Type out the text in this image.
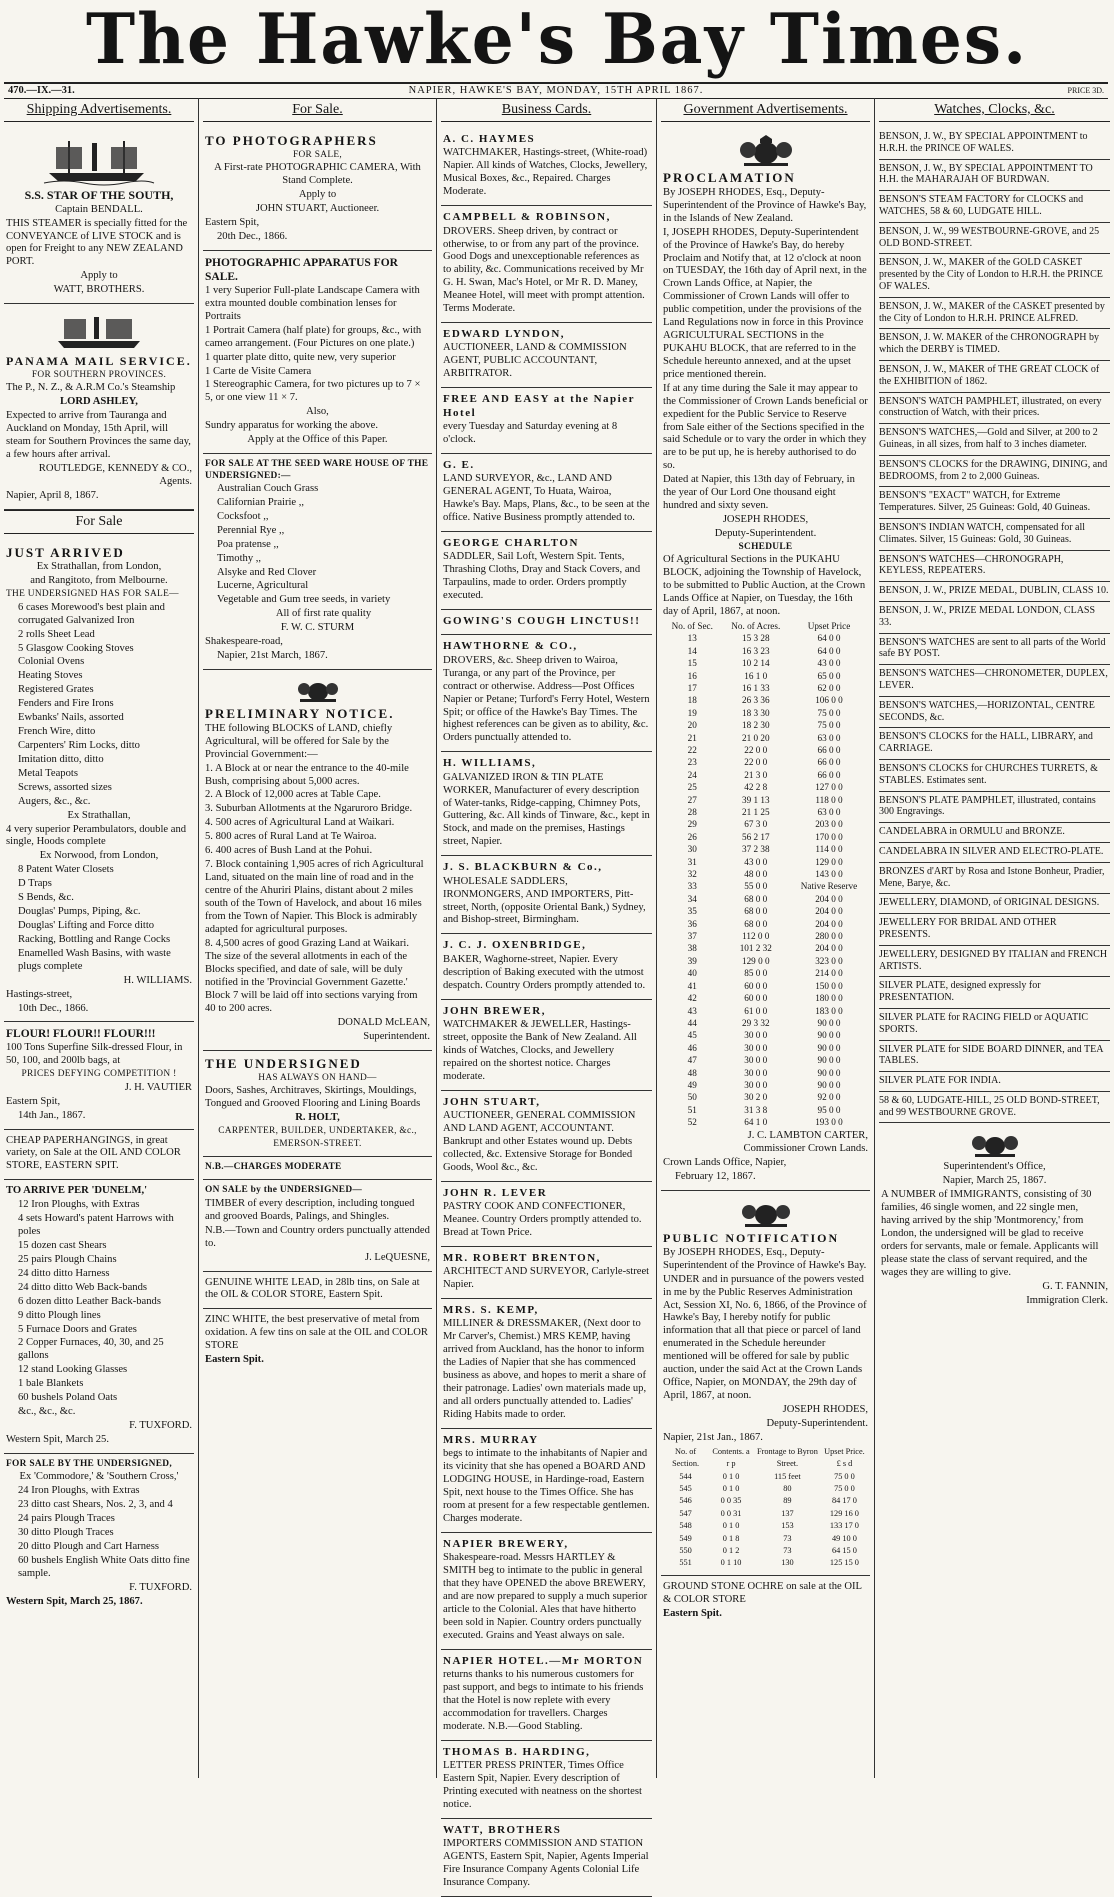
The Hawke's Bay Times.
470.—IX.—31.	NAPIER, HAWKE'S BAY, MONDAY, 15TH APRIL 1867.	PRICE 3D.
Shipping Advertisements.

S.S. STAR OF THE SOUTH,

Captain BENDALL.

THIS STEAMER is specially fitted for the CONVEYANCE of LIVE STOCK and is open for Freight to any NEW ZEALAND PORT.

Apply to

WATT, BROTHERS.

PANAMA MAIL SERVICE.

FOR SOUTHERN PROVINCES.

The P., N. Z., & A.R.M Co.'s Steamship

LORD ASHLEY,

Expected to arrive from Tauranga and Auckland on Monday, 15th April, will steam for Southern Provinces the same day, a few hours after arrival.

ROUTLEDGE, KENNEDY & CO., Agents.

Napier, April 8, 1867.

For Sale

JUST ARRIVED

Ex Strathallan, from London,

and Rangitoto, from Melbourne.

THE UNDERSIGNED HAS FOR SALE—

6 cases Morewood's best plain and corrugated Galvanized Iron

2 rolls Sheet Lead

5 Glasgow Cooking Stoves

Colonial Ovens

Heating Stoves

Registered Grates

Fenders and Fire Irons

Ewbanks' Nails, assorted

French Wire, ditto

Carpenters' Rim Locks, ditto

Imitation ditto, ditto

Metal Teapots

Screws, assorted sizes

Augers, &c., &c.

Ex Strathallan,

4 very superior Perambulators, double and single, Hoods complete

Ex Norwood, from London,

8 Patent Water Closets

D Traps

S Bends, &c.

Douglas' Pumps, Piping, &c.

Douglas' Lifting and Force ditto

Racking, Bottling and Range Cocks

Enamelled Wash Basins, with waste plugs complete

H. WILLIAMS.

Hastings-street,

10th Dec., 1866.

FLOUR! FLOUR!! FLOUR!!!

100 Tons Superfine Silk-dressed Flour, in 50, 100, and 200lb bags, at

PRICES DEFYING COMPETITION !

J. H. VAUTIER

Eastern Spit,

14th Jan., 1867.

CHEAP PAPERHANGINGS, in great variety, on Sale at the OIL AND COLOR STORE, EASTERN SPIT.

TO ARRIVE PER 'DUNELM,'

12 Iron Ploughs, with Extras

4 sets Howard's patent Harrows with poles

15 dozen cast Shears

25 pairs Plough Chains

24 ditto ditto Harness

24 ditto ditto Web Back-bands

6 dozen ditto Leather Back-bands

9 ditto Plough lines

5 Furnace Doors and Grates

2 Copper Furnaces, 40, 30, and 25 gallons

12 stand Looking Glasses

1 bale Blankets

60 bushels Poland Oats

&c., &c., &c.

F. TUXFORD.

Western Spit, March 25.

FOR SALE BY THE UNDERSIGNED,

Ex 'Commodore,' & 'Southern Cross,'

24 Iron Ploughs, with Extras

23 ditto cast Shears, Nos. 2, 3, and 4

24 pairs Plough Traces

30 ditto Plough Traces

20 ditto Plough and Cart Harness

60 bushels English White Oats ditto fine sample.

F. TUXFORD.

Western Spit, March 25, 1867.

For Sale.

TO PHOTOGRAPHERS

FOR SALE,

A First-rate PHOTOGRAPHIC CAMERA, With Stand Complete.

Apply to

JOHN STUART, Auctioneer.

Eastern Spit,

20th Dec., 1866.

PHOTOGRAPHIC APPARATUS FOR SALE.

1 very Superior Full-plate Landscape Camera with extra mounted double combination lenses for Portraits

1 Portrait Camera (half plate) for groups, &c., with cameo arrangement. (Four Pictures on one plate.)

1 quarter plate ditto, quite new, very superior

1 Carte de Visite Camera

1 Stereographic Camera, for two pictures up to 7 × 5, or one view 11 × 7.

Also,

Sundry apparatus for working the above.

Apply at the Office of this Paper.

FOR SALE AT THE SEED WARE HOUSE OF THE UNDERSIGNED:—

Australian Couch Grass

Californian Prairie ,,

Cocksfoot ,,

Perennial Rye ,,

Poa pratense ,,

Timothy ,,

Alsyke and Red Clover

Lucerne, Agricultural

Vegetable and Gum tree seeds, in variety

All of first rate quality

F. W. C. STURM

Shakespeare-road,

Napier, 21st March, 1867.

PRELIMINARY NOTICE.

THE following BLOCKS of LAND, chiefly Agricultural, will be offered for Sale by the Provincial Government:—

1. A Block at or near the entrance to the 40-mile Bush, comprising about 5,000 acres.

2. A Block of 12,000 acres at Table Cape.

3. Suburban Allotments at the Ngaruroro Bridge.

4. 500 acres of Agricultural Land at Waikari.

5. 800 acres of Rural Land at Te Wairoa.

6. 400 acres of Bush Land at the Pohui.

7. Block containing 1,905 acres of rich Agricultural Land, situated on the main line of road and in the centre of the Ahuriri Plains, distant about 2 miles south of the Town of Havelock, and about 16 miles from the Town of Napier. This Block is admirably adapted for agricultural purposes.

8. 4,500 acres of good Grazing Land at Waikari.

The size of the several allotments in each of the Blocks specified, and date of sale, will be duly notified in the 'Provincial Government Gazette.' Block 7 will be laid off into sections varying from 40 to 200 acres.

DONALD McLEAN,

Superintendent.

THE UNDERSIGNED

HAS ALWAYS ON HAND—

Doors, Sashes, Architraves, Skirtings, Mouldings, Tongued and Grooved Flooring and Lining Boards

R. HOLT,

CARPENTER, BUILDER, UNDERTAKER, &c.,

EMERSON-STREET.

N.B.—CHARGES MODERATE

ON SALE by the UNDERSIGNED—

TIMBER of every description, including tongued and grooved Boards, Palings, and Shingles.

N.B.—Town and Country orders punctually attended to.

J. LeQUESNE,

GENUINE WHITE LEAD, in 28lb tins, on Sale at the OIL & COLOR STORE, Eastern Spit.

ZINC WHITE, the best preservative of metal from oxidation. A few tins on sale at the OIL and COLOR STORE

Eastern Spit.

Business Cards.

A. C. HAYMES

WATCHMAKER, Hastings-street, (White-road) Napier. All kinds of Watches, Clocks, Jewellery, Musical Boxes, &c., Repaired. Charges Moderate.

CAMPBELL & ROBINSON,

DROVERS. Sheep driven, by contract or otherwise, to or from any part of the province. Good Dogs and unexceptionable references as to ability, &c. Communications received by Mr G. H. Swan, Mac's Hotel, or Mr R. D. Maney, Meanee Hotel, will meet with prompt attention. Terms Moderate.

EDWARD LYNDON,

AUCTIONEER, LAND & COMMISSION AGENT, PUBLIC ACCOUNTANT, ARBITRATOR.

FREE AND EASY at the Napier Hotel

every Tuesday and Saturday evening at 8 o'clock.

G. E.

LAND SURVEYOR, &c., LAND AND GENERAL AGENT, To Huata, Wairoa, Hawke's Bay. Maps, Plans, &c., to be seen at the office. Native Business promptly attended to.

GEORGE CHARLTON

SADDLER, Sail Loft, Western Spit. Tents, Thrashing Cloths, Dray and Stack Covers, and Tarpaulins, made to order. Orders promptly executed.

GOWING'S COUGH LINCTUS!!

HAWTHORNE & CO.,

DROVERS, &c. Sheep driven to Wairoa, Turanga, or any part of the Province, per contract or otherwise. Address—Post Offices Napier or Petane; Turford's Ferry Hotel, Western Spit; or office of the Hawke's Bay Times. The highest references can be given as to ability, &c. Orders punctually attended to.

H. WILLIAMS,

GALVANIZED IRON & TIN PLATE WORKER, Manufacturer of every description of Water-tanks, Ridge-capping, Chimney Pots, Guttering, &c. All kinds of Tinware, &c., kept in Stock, and made on the premises, Hastings street, Napier.

J. S. BLACKBURN & Co.,

WHOLESALE SADDLERS, IRONMONGERS, AND IMPORTERS, Pitt-street, North, (opposite Oriental Bank,) Sydney, and Bishop-street, Birmingham.

J. C. J. OXENBRIDGE,

BAKER, Waghorne-street, Napier. Every description of Baking executed with the utmost despatch. Country Orders promptly attended to.

JOHN BREWER,

WATCHMAKER & JEWELLER, Hastings-street, opposite the Bank of New Zealand. All kinds of Watches, Clocks, and Jewellery repaired on the shortest notice. Charges moderate.

JOHN STUART,

AUCTIONEER, GENERAL COMMISSION AND LAND AGENT, ACCOUNTANT. Bankrupt and other Estates wound up. Debts collected, &c. Extensive Storage for Bonded Goods, Wool &c., &c.

JOHN R. LEVER

PASTRY COOK AND CONFECTIONER, Meanee. Country Orders promptly attended to. Bread at Town Price.

MR. ROBERT BRENTON,

ARCHITECT AND SURVEYOR, Carlyle-street Napier.

MRS. S. KEMP,

MILLINER & DRESSMAKER, (Next door to Mr Carver's, Chemist.) MRS KEMP, having arrived from Auckland, has the honor to inform the Ladies of Napier that she has commenced business as above, and hopes to merit a share of their patronage. Ladies' own materials made up, and all orders punctually attended to. Ladies' Riding Habits made to order.

MRS. MURRAY

begs to intimate to the inhabitants of Napier and its vicinity that she has opened a BOARD AND LODGING HOUSE, in Hardinge-road, Eastern Spit, next house to the Times Office. She has room at present for a few respectable gentlemen. Charges moderate.

NAPIER BREWERY,

Shakespeare-road. Messrs HARTLEY & SMITH beg to intimate to the public in general that they have OPENED the above BREWERY, and are now prepared to supply a much superior article to the Colonial. Ales that have hitherto been sold in Napier. Country orders punctually executed. Grains and Yeast always on sale.

NAPIER HOTEL.—Mr MORTON

returns thanks to his numerous customers for past support, and begs to intimate to his friends that the Hotel is now replete with every accommodation for travellers. Charges moderate. N.B.—Good Stabling.

THOMAS B. HARDING,

LETTER PRESS PRINTER, Times Office Eastern Spit, Napier. Every description of Printing executed with neatness on the shortest notice.

WATT, BROTHERS

IMPORTERS COMMISSION AND STATION AGENTS, Eastern Spit, Napier, Agents Imperial Fire Insurance Company Agents Colonial Life Insurance Company.

Government Advertisements.

PROCLAMATION

By JOSEPH RHODES, Esq., Deputy-Superintendent of the Province of Hawke's Bay, in the Islands of New Zealand.

I, JOSEPH RHODES, Deputy-Superintendent of the Province of Hawke's Bay, do hereby Proclaim and Notify that, at 12 o'clock at noon on TUESDAY, the 16th day of April next, in the Crown Lands Office, at Napier, the Commissioner of Crown Lands will offer to public competition, under the provisions of the Land Regulations now in force in this Province AGRICULTURAL SECTIONS in the PUKAHU BLOCK, that are referred to in the Schedule hereunto annexed, and at the upset price mentioned therein.

If at any time during the Sale it may appear to the Commissioner of Crown Lands beneficial or expedient for the Public Service to Reserve from Sale either of the Sections specified in the said Schedule or to vary the order in which they are to be put up, he is hereby authorised to do so.

Dated at Napier, this 13th day of February, in the year of Our Lord One thousand eight hundred and sixty seven.

JOSEPH RHODES,

Deputy-Superintendent.

SCHEDULE

Of Agricultural Sections in the PUKAHU BLOCK, adjoining the Township of Havelock, to be submitted to Public Auction, at the Crown Lands Office at Napier, on Tuesday, the 16th day of April, 1867, at noon.

No. of Sec.	No. of Acres.	Upset Price
13	15 3 28	64 0 0
14	16 3 23	64 0 0
15	10 2 14	43 0 0
16	16 1 0	65 0 0
17	16 1 33	62 0 0
18	26 3 36	106 0 0
19	18 3 30	75 0 0
20	18 2 30	75 0 0
21	21 0 20	63 0 0
22	22 0 0	66 0 0
23	22 0 0	66 0 0
24	21 3 0	66 0 0
25	42 2 8	127 0 0
27	39 1 13	118 0 0
28	21 1 25	63 0 0
29	67 3 0	203 0 0
26	56 2 17	170 0 0
30	37 2 38	114 0 0
31	43 0 0	129 0 0
32	48 0 0	143 0 0
33	55 0 0	Native Reserve
34	68 0 0	204 0 0
35	68 0 0	204 0 0
36	68 0 0	204 0 0
37	112 0 0	280 0 0
38	101 2 32	204 0 0
39	129 0 0	323 0 0
40	85 0 0	214 0 0
41	60 0 0	150 0 0
42	60 0 0	180 0 0
43	61 0 0	183 0 0
44	29 3 32	90 0 0
45	30 0 0	90 0 0
46	30 0 0	90 0 0
47	30 0 0	90 0 0
48	30 0 0	90 0 0
49	30 0 0	90 0 0
50	30 2 0	92 0 0
51	31 3 8	95 0 0
52	64 1 0	193 0 0

J. C. LAMBTON CARTER,

Commissioner Crown Lands.

Crown Lands Office, Napier,

February 12, 1867.

PUBLIC NOTIFICATION

By JOSEPH RHODES, Esq., Deputy-Superintendent of the Province of Hawke's Bay.

UNDER and in pursuance of the powers vested in me by the Public Reserves Administration Act, Session XI, No. 6, 1866, of the Province of Hawke's Bay, I hereby notify for public information that all that piece or parcel of land enumerated in the Schedule hereunder mentioned will be offered for sale by public auction, under the said Act at the Crown Lands Office, Napier, on MONDAY, the 29th day of April, 1867, at noon.

JOSEPH RHODES,

Deputy-Superintendent.

Napier, 21st Jan., 1867.

No. of Section.	Contents. a r p	Frontage to Byron Street.	Upset Price. £ s d
544	0 1 0	115 feet	75 0 0
545	0 1 0	80	75 0 0
546	0 0 35	89	84 17 0
547	0 0 31	137	129 16 0
548	0 1 0	153	133 17 0
549	0 1 8	73	49 10 0
550	0 1 2	73	64 15 0
551	0 1 10	130	125 15 0

GROUND STONE OCHRE on sale at the OIL & COLOR STORE

Eastern Spit.

Watches, Clocks, &c.

BENSON, J. W., BY SPECIAL APPOINTMENT to H.R.H. the PRINCE OF WALES.

BENSON, J. W., BY SPECIAL APPOINTMENT TO H.H. the MAHARAJAH OF BURDWAN.

BENSON'S STEAM FACTORY for CLOCKS and WATCHES, 58 & 60, LUDGATE HILL.

BENSON, J. W., 99 WESTBOURNE-GROVE, and 25 OLD BOND-STREET.

BENSON, J. W., MAKER of the GOLD CASKET presented by the City of London to H.R.H. the PRINCE OF WALES.

BENSON, J. W., MAKER of the CASKET presented by the City of London to H.R.H. PRINCE ALFRED.

BENSON, J. W. MAKER of the CHRONOGRAPH by which the DERBY is TIMED.

BENSON, J. W., MAKER of THE GREAT CLOCK of the EXHIBITION of 1862.

BENSON'S WATCH PAMPHLET, illustrated, on every construction of Watch, with their prices.

BENSON'S WATCHES,—Gold and Silver, at 200 to 2 Guineas, in all sizes, from half to 3 inches diameter.

BENSON'S CLOCKS for the DRAWING, DINING, and BEDROOMS, from 2 to 2,000 Guineas.

BENSON'S "EXACT" WATCH, for Extreme Temperatures. Silver, 25 Guineas: Gold, 40 Guineas.

BENSON'S INDIAN WATCH, compensated for all Climates. Silver, 15 Guineas: Gold, 30 Guineas.

BENSON'S WATCHES—CHRONOGRAPH, KEYLESS, REPEATERS.

BENSON, J. W., PRIZE MEDAL, DUBLIN, CLASS 10.

BENSON, J. W., PRIZE MEDAL LONDON, CLASS 33.

BENSON'S WATCHES are sent to all parts of the World safe BY POST.

BENSON'S WATCHES—CHRONOMETER, DUPLEX, LEVER.

BENSON'S WATCHES,—HORIZONTAL, CENTRE SECONDS, &c.

BENSON'S CLOCKS for the HALL, LIBRARY, and CARRIAGE.

BENSON'S CLOCKS for CHURCHES TURRETS, & STABLES. Estimates sent.

BENSON'S PLATE PAMPHLET, illustrated, contains 300 Engravings.

CANDELABRA in ORMULU and BRONZE.

CANDELABRA IN SILVER AND ELECTRO-PLATE.

BRONZES d'ART by Rosa and Istone Bonheur, Pradier, Mene, Barye, &c.

JEWELLERY, DIAMOND, of ORIGINAL DESIGNS.

JEWELLERY FOR BRIDAL AND OTHER PRESENTS.

JEWELLERY, DESIGNED BY ITALIAN and FRENCH ARTISTS.

SILVER PLATE, designed expressly for PRESENTATION.

SILVER PLATE for RACING FIELD or AQUATIC SPORTS.

SILVER PLATE for SIDE BOARD DINNER, and TEA TABLES.

SILVER PLATE FOR INDIA.

58 & 60, LUDGATE-HILL, 25 OLD BOND-STREET, and 99 WESTBOURNE GROVE.

Superintendent's Office,

Napier, March 25, 1867.

A NUMBER of IMMIGRANTS, consisting of 30 families, 46 single women, and 22 single men, having arrived by the ship 'Montmorency,' from London, the undersigned will be glad to receive orders for servants, male or female. Applicants will please state the class of servant required, and the wages they are willing to give.

G. T. FANNIN,

Immigration Clerk.
